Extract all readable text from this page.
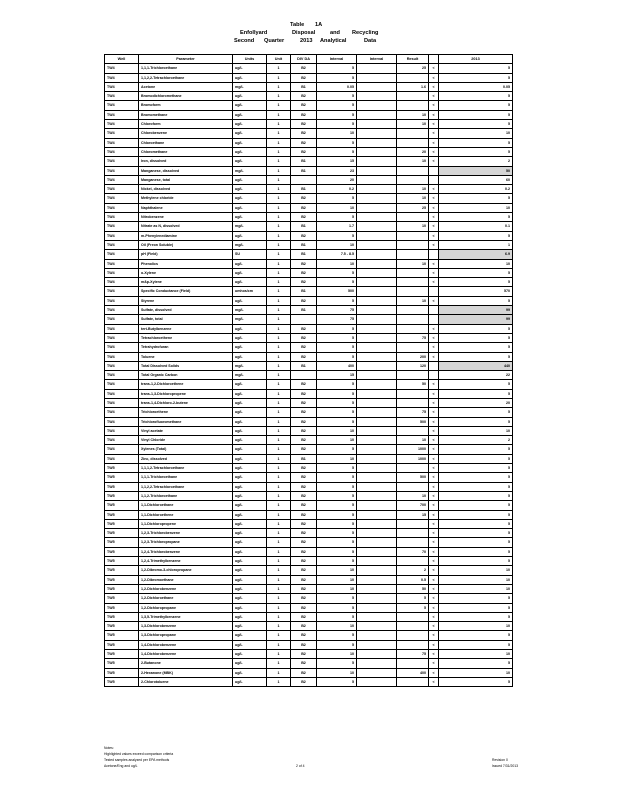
Table 1A
Enfollyard	Disposal	and Recycling
Second Quarter	2013 Analytical	Data
Well	Parameter	Units	Unit	DIV DA	Interval	Interval	Result		2013
TW4	1,1,1-Trichloroethane	ug/L	1	B2	5		25	<	5
TW4	1,1,2,2-Tetrachloroethane	ug/L	1	B2	5			<	5
TW4	Acetone	mg/L	1	B1	0.05		1.6	<	0.05
TW4	Bromodichloromethane	ug/L	1	B2	5			<	5
TW4	Bromoform	ug/L	1	B2	5			<	5
TW4	Bromomethane	ug/L	1	B2	5		10	<	5
TW4	Chloroform	ug/L	1	B2	5		10	<	5
TW4	Chlorobenzene	ug/L	1	B2	10			<	10
TW4	Chloroethane	ug/L	1	B2	5			<	5
TW4	Chloromethane	ug/L	1	B2	5		20	<	5
TW4	Iron, dissolved	ug/L	1	B1	15		10	<	2
TW4	Manganese, dissolved	mg/L	1	B1	23				50
TW4	Manganese, total	ug/L	1		20				60
TW4	Nickel, dissolved	ug/L	1	B1	0.2		10	<	0.2
TW4	Methylene chloride	ug/L	1	B2	5		10	<	5
TW4	Naphthalene	ug/L	1	B2	10		25	<	10
TW4	Nitrobenzene	ug/L	1	B2	5			<	5
TW4	Nitrate as N, dissolved	mg/L	1	B1	1.7		10	<	0.1
TW4	m-Phenylenediamine	ug/L	1	B2	5			<	5
TW4	Oil (Freon Soluble)	mg/L	1	B1	10			<	1
TW4	pH (Field)	SU	1	B1	7.5 - 8.5				6.9
TW4	Phenolics	ug/L	1	B2	10		10	<	10
TW4	o-Xylene	ug/L	1	B2	5			<	5
TW4	m&p-Xylene	ug/L	1	B2	5			<	5
TW4	Specific Conductance (Field)	umhos/cm	1	B1	500				570
TW4	Styrene	ug/L	1	B2	5		10	<	5
TW4	Sulfate, dissolved	mg/L	1	B1	75				99
TW4	Sulfate, total	mg/L	1		75				99
TW4	tert-Butylbenzene	ug/L	1	B2	5			<	5
TW4	Tetrachloroethene	ug/L	1	B2	5		75	<	5
TW4	Tetrahydrofuran	ug/L	1	B2	5			<	5
TW4	Toluene	ug/L	1	B2	5		200	<	5
TW4	Total Dissolved Solids	mg/L	1	B1	400		120		440
TW4	Total Organic Carbon	mg/L	1		15				22
TW4	trans-1,2-Dichloroethene	ug/L	1	B2	5		50	<	5
TW4	trans-1,3-Dichloropropene	ug/L	1	B2	5			<	5
TW4	trans-1,4-Dichloro-2-butene	ug/L	1	B2	5			<	20
TW4	Trichloroethene	ug/L	1	B2	5		75	<	5
TW4	Trichlorofluoromethane	ug/L	1	B2	5		500	<	5
TW4	Vinyl acetate	ug/L	1	B2	10			<	10
TW4	Vinyl Chloride	ug/L	1	B2	10		10	<	2
TW4	Xylenes (Total)	ug/L	1	B2	5		1000	<	5
TW4	Zinc, dissolved	ug/L	1	B1	10		1000	<	5
TW5	1,1,1,2-Tetrachloroethane	ug/L	1	B2	5			<	5
TW5	1,1,1-Trichloroethane	ug/L	1	B2	5		500	<	5
TW5	1,1,2,2-Tetrachloroethane	ug/L	1	B2	5			<	5
TW5	1,1,2-Trichloroethane	ug/L	1	B2	5		10	<	5
TW5	1,1-Dichloroethane	ug/L	1	B2	5		700	<	5
TW5	1,1-Dichloroethene	ug/L	1	B2	5		15	<	5
TW5	1,1-Dichloropropene	ug/L	1	B2	5			<	5
TW5	1,2,3-Trichlorobenzene	ug/L	1	B2	5			<	5
TW5	1,2,3-Trichloropropane	ug/L	1	B2	5			<	5
TW5	1,2,4-Trichlorobenzene	ug/L	1	B2	5		70	<	5
TW5	1,2,4-Trimethylbenzene	ug/L	1	B2	5			<	5
TW5	1,2-Dibromo-3-chloropropane	ug/L	1	B2	10		2	<	10
TW5	1,2-Dibromoethane	ug/L	1	B2	10		0.5	<	10
TW5	1,2-Dichlorobenzene	ug/L	1	B2	10		50	<	10
TW5	1,2-Dichloroethane	ug/L	1	B2	5		5	<	5
TW5	1,2-Dichloropropane	ug/L	1	B2	5		5	<	5
TW5	1,3,5-Trimethylbenzene	ug/L	1	B2	5			<	5
TW5	1,3-Dichlorobenzene	ug/L	1	B2	10			<	10
TW5	1,3-Dichloropropane	ug/L	1	B2	5			<	5
TW5	1,4-Dichlorobenzene	ug/L	1	B2	5			<	5
TW5	1,4-Dichlorobenzene	ug/L	1	B2	10		75	<	10
TW5	2-Butanone	ug/L	1	B2	5			<	5
TW5	2-Hexanone (MBK)	ug/L	1	B2	10		400	<	10
TW5	2-Chlorotoluene	ug/L	1	B2	5			<	5
Notes:
Highlighted values exceed comparison criteria
Tested samples analyzed per EPA methods
Acetone/Eng and ug/L	2 of 4
Revision 0
Issued 7/31/2013
